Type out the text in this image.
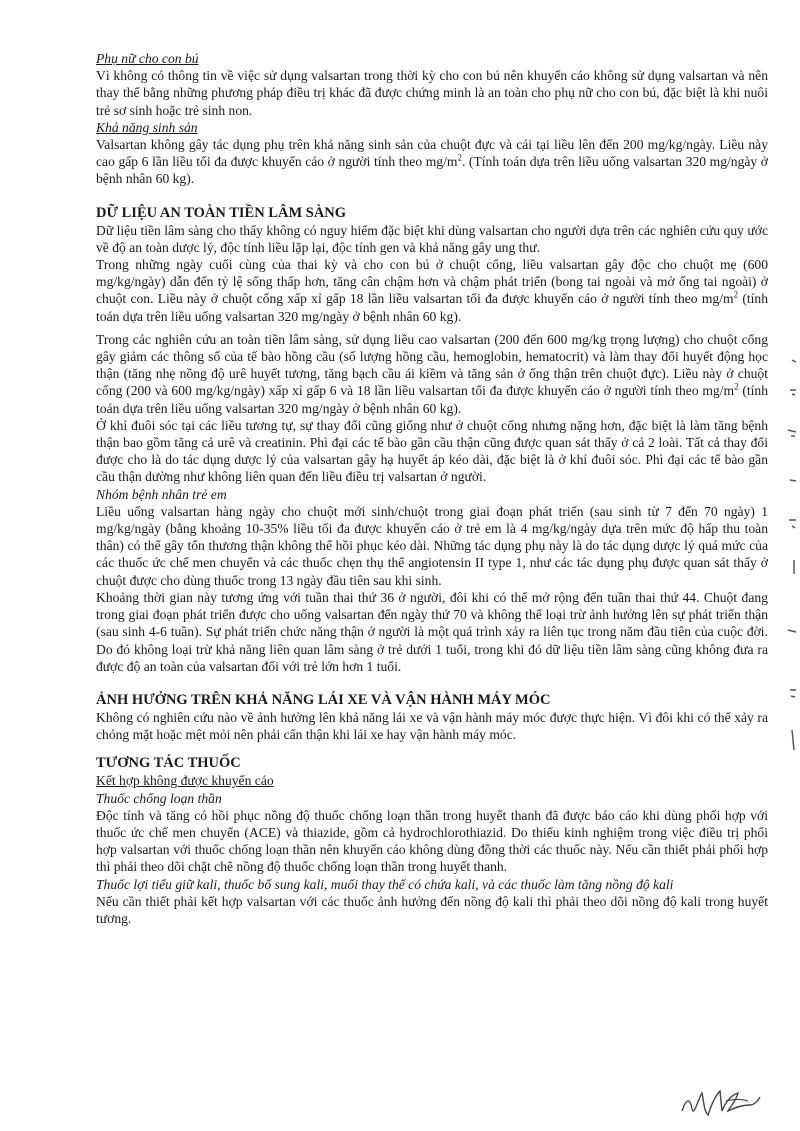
Phụ nữ cho con bú

Vì không có thông tin về việc sử dụng valsartan trong thời kỳ cho con bú nên khuyến cáo không sử dụng valsartan và nên thay thế bằng những phương pháp điều trị khác đã được chứng minh là an toàn cho phụ nữ cho con bú, đặc biệt là khi nuôi trẻ sơ sinh hoặc trẻ sinh non.

Khả năng sinh sản

Valsartan không gây tác dụng phụ trên khả năng sinh sản của chuột đực và cái tại liều lên đến 200 mg/kg/ngày. Liều này cao gấp 6 lần liều tối đa được khuyến cáo ở người tính theo $mg/m^2$. (Tính toán dựa trên liều uống valsartan 320 mg/ngày ở bệnh nhân 60 kg).

DỮ LIỆU AN TOÀN TIỀN LÂM SÀNG

Dữ liệu tiền lâm sàng cho thấy không có nguy hiểm đặc biệt khi dùng valsartan cho người dựa trên các nghiên cứu quy ước về độ an toàn dược lý, độc tính liều lặp lại, độc tính gen và khả năng gây ung thư.

Trong những ngày cuối cùng của thai kỳ và cho con bú ở chuột cống, liều valsartan gây độc cho chuột mẹ (600 mg/kg/ngày) dẫn đến tỷ lệ sống thấp hơn, tăng cân chậm hơn và chậm phát triển (bong tai ngoài và mở ống tai ngoài) ở chuột con. Liều này ở chuột cống xấp xỉ gấp 18 lần liều valsartan tối đa được khuyến cáo ở người tính theo $mg/m^2$ (tính toán dựa trên liều uống valsartan 320 mg/ngày ở bệnh nhân 60 kg).

Trong các nghiên cứu an toàn tiền lâm sàng, sử dụng liều cao valsartan (200 đến 600 mg/kg trọng lượng) cho chuột cống gây giảm các thông số của tế bào hồng cầu (số lượng hồng cầu, hemoglobin, hematocrit) và làm thay đổi huyết động học thận (tăng nhẹ nồng độ urê huyết tương, tăng bạch cầu ái kiềm và tăng sản ở ống thận trên chuột đực). Liều này ở chuột cống (200 và 600 mg/kg/ngày) xấp xỉ gấp 6 và 18 lần liều valsartan tối đa được khuyến cáo ở người tính theo $mg/m^2$ (tính toán dựa trên liều uống valsartan 320 mg/ngày ở bệnh nhân 60 kg).

Ở khỉ đuôi sóc tại các liều tương tự, sự thay đổi cũng giống như ở chuột cống nhưng nặng hơn, đặc biệt là làm tăng bệnh thận bao gồm tăng cả urê và creatinin. Phì đại các tế bào gần cầu thận cũng được quan sát thấy ở cả 2 loài. Tất cả thay đổi được cho là do tác dụng dược lý của valsartan gây hạ huyết áp kéo dài, đặc biệt là ở khỉ đuôi sóc. Phì đại các tế bào gần cầu thận dường như không liên quan đến liều điều trị valsartan ở người.

Nhóm bệnh nhân trẻ em

Liều uống valsartan hàng ngày cho chuột mới sinh/chuột trong giai đoạn phát triển (sau sinh từ 7 đến 70 ngày) 1 mg/kg/ngày (bằng khoảng 10-35% liều tối đa được khuyến cáo ở trẻ em là 4 mg/kg/ngày dựa trên mức độ hấp thu toàn thân) có thể gây tổn thương thận không thể hồi phục kéo dài. Những tác dụng phụ này là do tác dụng dược lý quá mức của các thuốc ức chế men chuyển và các thuốc chẹn thụ thể angiotensin II type 1, như các tác dụng phụ được quan sát thấy ở chuột được cho dùng thuốc trong 13 ngày đầu tiên sau khi sinh.

Khoảng thời gian này tương ứng với tuần thai thứ 36 ở người, đôi khi có thể mở rộng đến tuần thai thứ 44. Chuột đang trong giai đoạn phát triển được cho uống valsartan đến ngày thứ 70 và không thể loại trừ ảnh hưởng lên sự phát triển thận (sau sinh 4-6 tuần). Sự phát triển chức năng thận ở người là một quá trình xảy ra liên tục trong năm đầu tiên của cuộc đời. Do đó không loại trừ khả năng liên quan lâm sàng ở trẻ dưới 1 tuổi, trong khi đó dữ liệu tiền lâm sàng cũng không đưa ra được độ an toàn của valsartan đối với trẻ lớn hơn 1 tuổi.

ẢNH HƯỞNG TRÊN KHẢ NĂNG LÁI XE VÀ VẬN HÀNH MÁY MÓC

Không có nghiên cứu nào về ảnh hưởng lên khả năng lái xe và vận hành máy móc được thực hiện. Vì đôi khi có thể xảy ra chóng mặt hoặc mệt mỏi nên phải cẩn thận khi lái xe hay vận hành máy móc.

TƯƠNG TÁC THUỐC

Kết hợp không được khuyến cáo

Thuốc chống loạn thần

Độc tính và tăng có hồi phục nồng độ thuốc chống loạn thần trong huyết thanh đã được báo cáo khi dùng phối hợp với thuốc ức chế men chuyển (ACE) và thiazide, gồm cả hydrochlorothiazid. Do thiếu kinh nghiệm trong việc điều trị phối hợp valsartan với thuốc chống loạn thần nên khuyến cáo không dùng đồng thời các thuốc này. Nếu cần thiết phải phối hợp thì phải theo dõi chặt chẽ nồng độ thuốc chống loạn thần trong huyết thanh.

Thuốc lợi tiểu giữ kali, thuốc bổ sung kali, muối thay thế có chứa kali, và các thuốc làm tăng nồng độ kali

Nếu cần thiết phải kết hợp valsartan với các thuốc ảnh hưởng đến nồng độ kali thì phải theo dõi nồng độ kali trong huyết tương.
